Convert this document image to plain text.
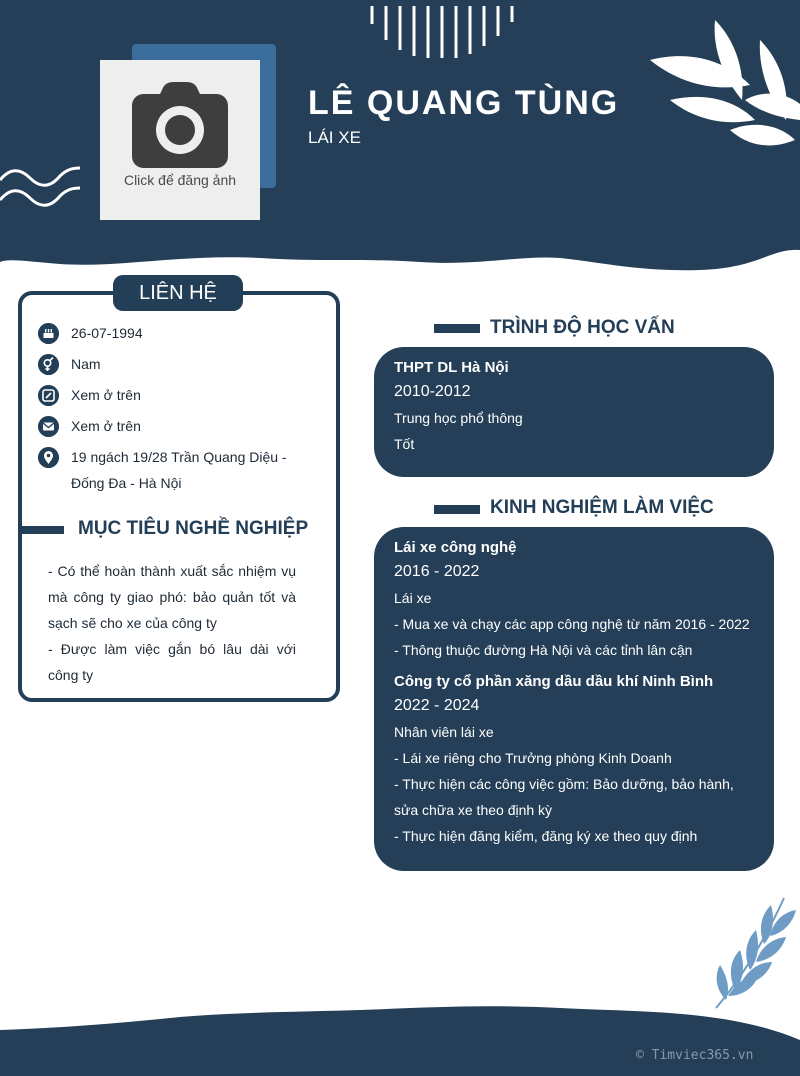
Click để đăng ảnh
LÊ QUANG TÙNG
LÁI XE
LIÊN HỆ
26-07-1994
Nam
Xem ở trên
Xem ở trên
19 ngách 19/28 Trần Quang Diệu - Đống Đa - Hà Nội
MỤC TIÊU NGHỀ NGHIỆP
- Có thể hoàn thành xuất sắc nhiệm vụ mà công ty giao phó: bảo quản tốt và sạch sẽ cho xe của công ty
- Được làm việc gắn bó lâu dài với công ty
TRÌNH ĐỘ HỌC VẤN
THPT DL Hà Nội
2010-2012
Trung học phổ thông
Tốt
KINH NGHIỆM LÀM VIỆC
Lái xe công nghệ
2016 - 2022
Lái xe
- Mua xe và chạy các app công nghệ từ năm 2016 - 2022
- Thông thuộc đường Hà Nội và các tỉnh lân cận
Công ty cổ phần xăng dầu dầu khí Ninh Bình
2022 - 2024
Nhân viên lái xe
- Lái xe riêng cho Trưởng phòng Kinh Doanh
- Thực hiện các công việc gồm: Bảo dưỡng, bảo hành, sửa chữa xe theo định kỳ
- Thực hiện đăng kiểm, đăng ký xe theo quy định
© Timviec365.vn
